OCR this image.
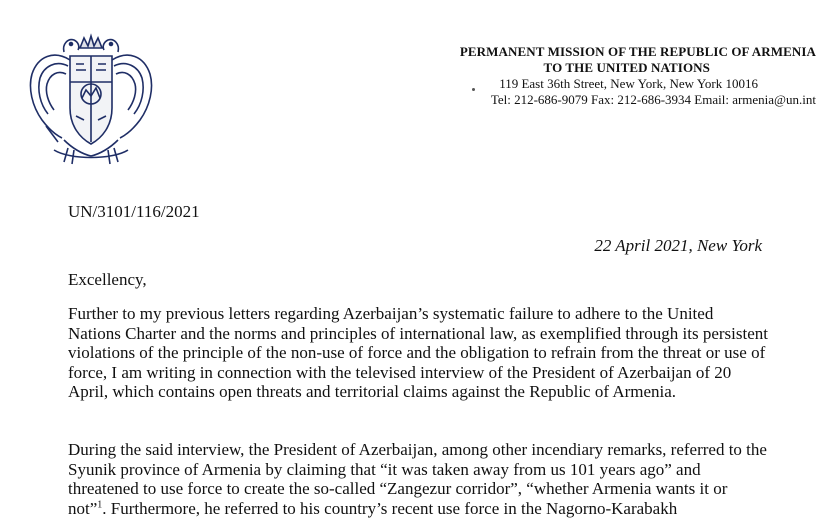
PERMANENT MISSION OF THE REPUBLIC OF ARMENIA
TO THE UNITED NATIONS
119 East 36th Street, New York, New York 10016
Tel: 212-686-9079 Fax: 212-686-3934 Email: armenia@un.int
UN/3101/116/2021
22 April 2021, New York
Excellency,

Further to my previous letters regarding Azerbaijan’s systematic failure to adhere to the United Nations Charter and the norms and principles of international law, as exemplified through its persistent violations of the principle of the non-use of force and the obligation to refrain from the threat or use of force, I am writing in connection with the televised interview of the President of Azerbaijan of 20 April, which contains open threats and territorial claims against the Republic of Armenia.

During the said interview, the President of Azerbaijan, among other incendiary remarks, referred to the Syunik province of Armenia by claiming that “it was taken away from us 101 years ago” and threatened to use force to create the so-called “Zangezur corridor”, “whether Armenia wants it or not”$^1$. Furthermore, he referred to his country’s recent use force in the Nagorno-Karabakh
